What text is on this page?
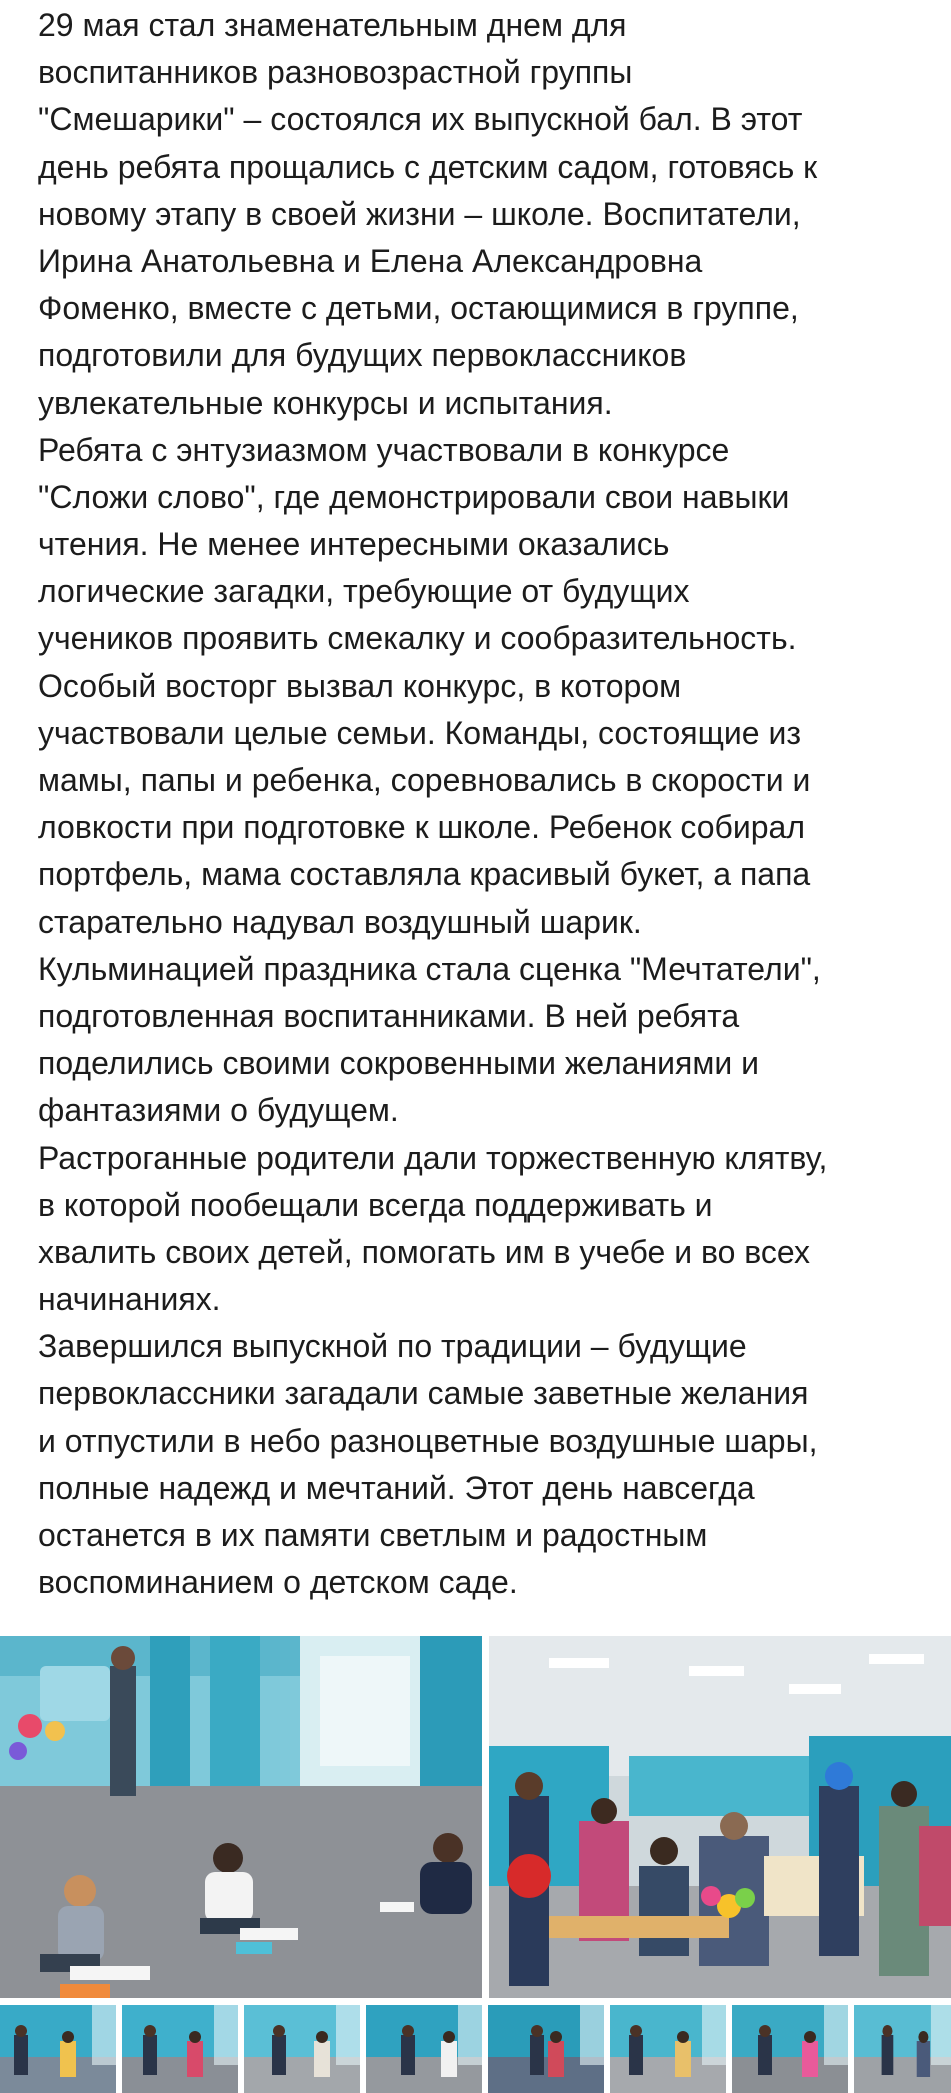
29 мая стал знаменательным днем для
воспитанников разновозрастной группы
"Смешарики" – состоялся их выпускной бал. В этот
день ребята прощались с детским садом, готовясь к
новому этапу в своей жизни – школе. Воспитатели,
Ирина Анатольевна и Елена Александровна
Фоменко, вместе с детьми, остающимися в группе,
подготовили для будущих первоклассников
увлекательные конкурсы и испытания.

Ребята с энтузиазмом участвовали в конкурсе
"Сложи слово", где демонстрировали свои навыки
чтения. Не менее интересными оказались
логические загадки, требующие от будущих
учеников проявить смекалку и сообразительность.

Особый восторг вызвал конкурс, в котором
участвовали целые семьи. Команды, состоящие из
мамы, папы и ребенка, соревновались в скорости и
ловкости при подготовке к школе. Ребенок собирал
портфель, мама составляла красивый букет, а папа
старательно надувал воздушный шарик.

Кульминацией праздника стала сценка "Мечтатели",
подготовленная воспитанниками. В ней ребята
поделились своими сокровенными желаниями и
фантазиями о будущем.

Растроганные родители дали торжественную клятву,
в которой пообещали всегда поддерживать и
хвалить своих детей, помогать им в учебе и во всех
начинаниях.

Завершился выпускной по традиции – будущие
первоклассники загадали самые заветные желания
и отпустили в небо разноцветные воздушные шары,
полные надежд и мечтаний. Этот день навсегда
останется в их памяти светлым и радостным
воспоминанием о детском саде.
